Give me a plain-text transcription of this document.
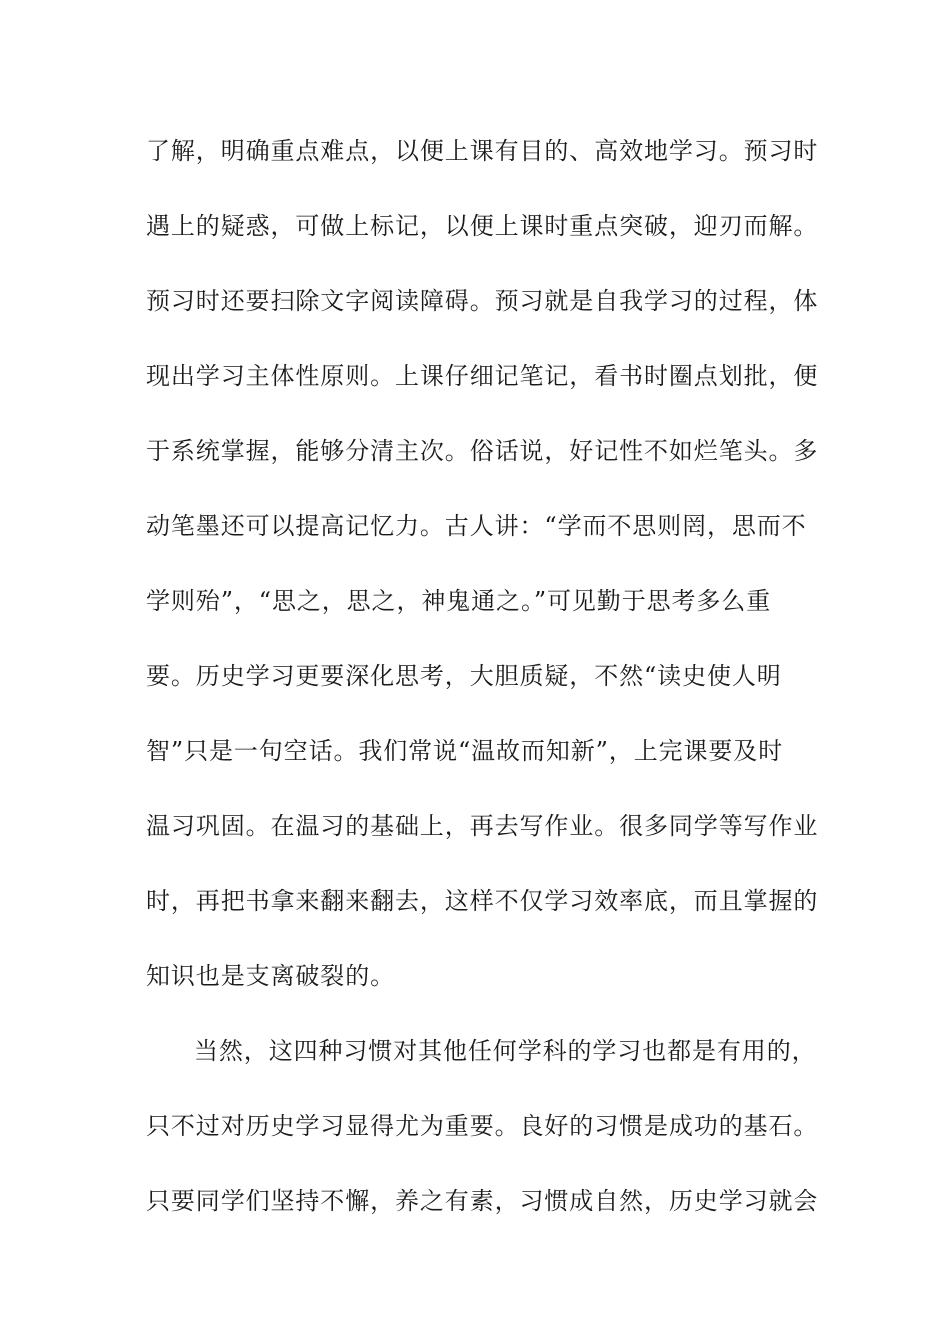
了解，明确重点难点，以便上课有目的、高效地学习。预习时
遇上的疑惑，可做上标记，以便上课时重点突破，迎刃而解。
预习时还要扫除文字阅读障碍。预习就是自我学习的过程，体
现出学习主体性原则。上课仔细记笔记，看书时圈点划批，便
于系统掌握，能够分清主次。俗话说，好记性不如烂笔头。多
动笔墨还可以提高记忆力。古人讲：“学而不思则罔，思而不
学则殆”，“思之，思之，神鬼通之。”可见勤于思考多么重
要。历史学习更要深化思考，大胆质疑，不然“读史使人明
智”只是一句空话。我们常说“温故而知新”，上完课要及时
温习巩固。在温习的基础上，再去写作业。很多同学等写作业
时，再把书拿来翻来翻去，这样不仅学习效率底，而且掌握的
知识也是支离破裂的。
当然，这四种习惯对其他任何学科的学习也都是有用的，
只不过对历史学习显得尤为重要。良好的习惯是成功的基石。
只要同学们坚持不懈，养之有素，习惯成自然，历史学习就会
